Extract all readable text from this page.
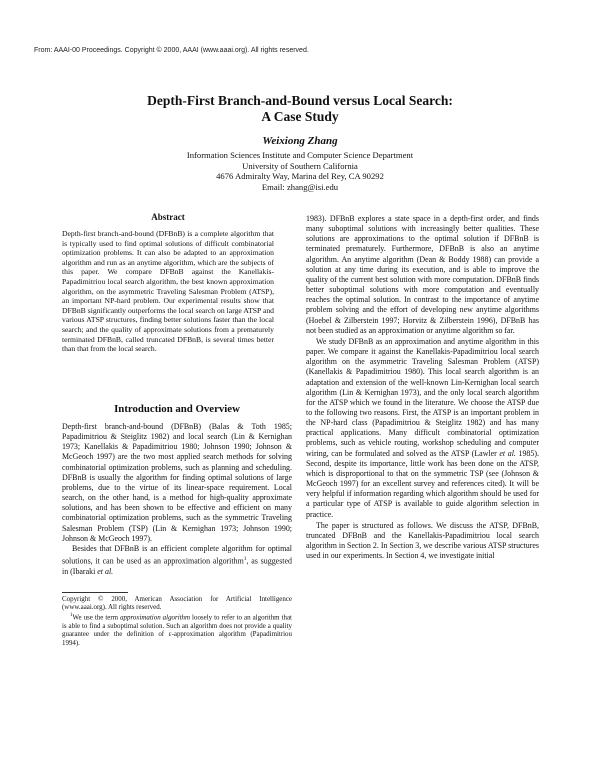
From: AAAI-00 Proceedings. Copyright © 2000, AAAI (www.aaai.org). All rights reserved.
Depth-First Branch-and-Bound versus Local Search:
A Case Study
Weixiong Zhang
Information Sciences Institute and Computer Science Department
University of Southern California
4676 Admiralty Way, Marina del Rey, CA 90292
Email: zhang@isi.edu
Abstract

Depth-first branch-and-bound (DFBnB) is a complete algorithm that is typically used to find optimal solutions of difficult combinatorial optimization problems. It can also be adapted to an approximation algorithm and run as an anytime algorithm, which are the subjects of this paper. We compare DFBnB against the Kanellakis-Papadimitriou local search algorithm, the best known approximation algorithm, on the asymmetric Traveling Salesman Problem (ATSP), an important NP-hard problem. Our experimental results show that DFBnB significantly outperforms the local search on large ATSP and various ATSP structures, finding better solutions faster than the local search; and the quality of approximate solutions from a prematurely terminated DFBnB, called truncated DFBnB, is several times better than that from the local search.

Introduction and Overview

Depth-first branch-and-bound (DFBnB) (Balas & Toth 1985; Papadimitriou & Steiglitz 1982) and local search (Lin & Kernighan 1973; Kanellakis & Papadimitriou 1980; Johnson 1990; Johnson & McGeoch 1997) are the two most applied search methods for solving combinatorial optimization problems, such as planning and scheduling. DFBnB is usually the algorithm for finding optimal solutions of large problems, due to the virtue of its linear-space requirement. Local search, on the other hand, is a method for high-quality approximate solutions, and has been shown to be effective and efficient on many combinatorial optimization problems, such as the symmetric Traveling Salesman Problem (TSP) (Lin & Kernighan 1973; Johnson 1990; Johnson & McGeoch 1997).

Besides that DFBnB is an efficient complete algorithm for optimal solutions, it can be used as an approximation algorithm$^1$, as suggested in (Ibaraki et al.

Copyright © 2000, American Association for Artificial Intelligence (www.aaai.org). All rights reserved.

$^1$We use the term approximation algorithm loosely to refer to an algorithm that is able to find a suboptimal solution. Such an algorithm does not provide a quality guarantee under the definition of ε-approximation algorithm (Papadimitriou 1994).

1983). DFBnB explores a state space in a depth-first order, and finds many suboptimal solutions with increasingly better qualities. These solutions are approximations to the optimal solution if DFBnB is terminated prematurely. Furthermore, DFBnB is also an anytime algorithm. An anytime algorithm (Dean & Boddy 1988) can provide a solution at any time during its execution, and is able to improve the quality of the current best solution with more computation. DFBnB finds better suboptimal solutions with more computation and eventually reaches the optimal solution. In contrast to the importance of anytime problem solving and the effort of developing new anytime algorithms (Hoebel & Zilberstein 1997; Horvitz & Zilberstein 1996), DFBnB has not been studied as an approximation or anytime algorithm so far.

We study DFBnB as an approximation and anytime algorithm in this paper. We compare it against the Kanellakis-Papadimitriou local search algorithm on the asymmetric Traveling Salesman Problem (ATSP) (Kanellakis & Papadimitriou 1980). This local search algorithm is an adaptation and extension of the well-known Lin-Kernighan local search algorithm (Lin & Kernighan 1973), and the only local search algorithm for the ATSP which we found in the literature. We choose the ATSP due to the following two reasons. First, the ATSP is an important problem in the NP-hard class (Papadimitriou & Steiglitz 1982) and has many practical applications. Many difficult combinatorial optimization problems, such as vehicle routing, workshop scheduling and computer wiring, can be formulated and solved as the ATSP (Lawler et al. 1985). Second, despite its importance, little work has been done on the ATSP, which is disproportional to that on the symmetric TSP (see (Johnson & McGeoch 1997) for an excellent survey and references cited). It will be very helpful if information regarding which algorithm should be used for a particular type of ATSP is available to guide algorithm selection in practice.

The paper is structured as follows. We discuss the ATSP, DFBnB, truncated DFBnB and the Kanellakis-Papadimitriou local search algorithm in Section 2. In Section 3, we describe various ATSP structures used in our experiments. In Section 4, we investigate initial
